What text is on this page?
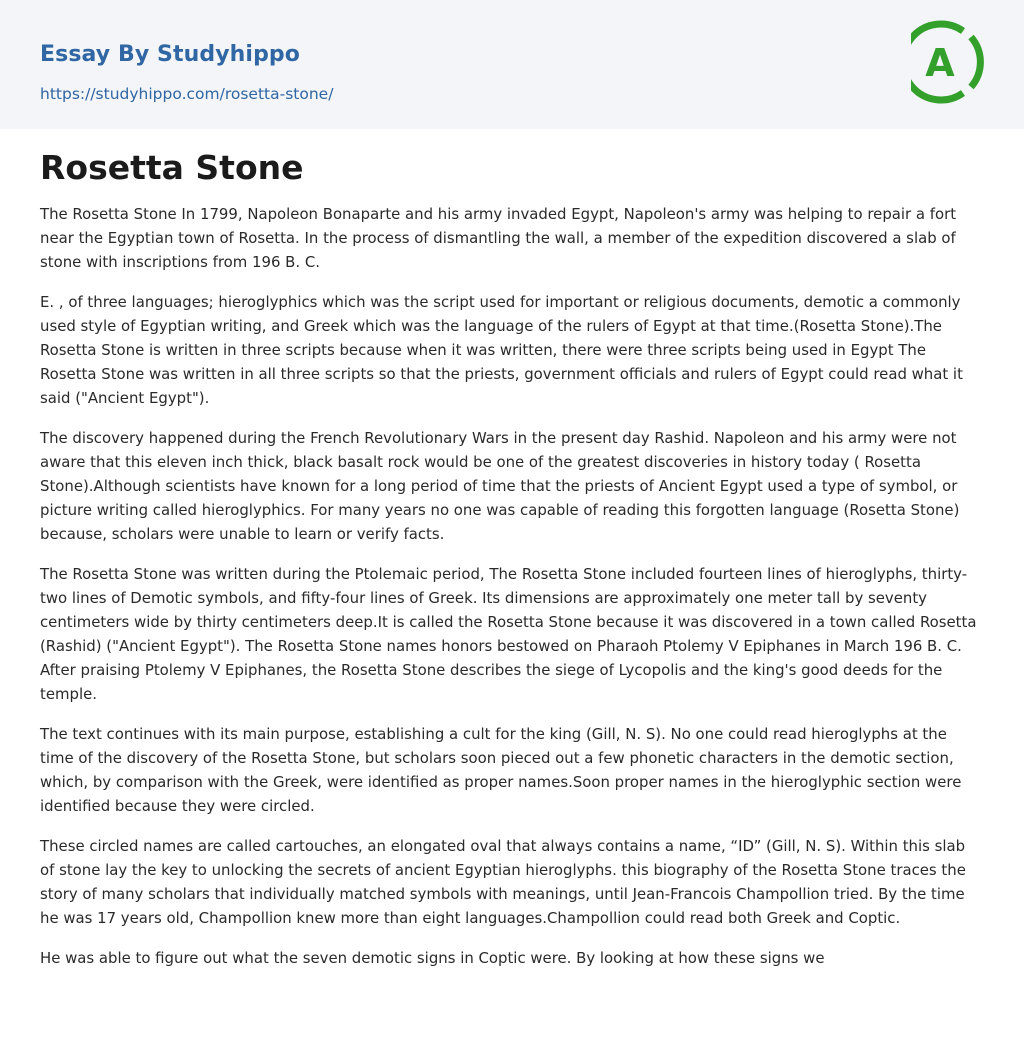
Essay By Studyhippo
https://studyhippo.com/rosetta-stone/
A
Rosetta Stone

The Rosetta Stone In 1799, Napoleon Bonaparte and his army invaded Egypt, Napoleon's army was helping to repair a fort near the Egyptian town of Rosetta. In the process of dismantling the wall, a member of the expedition discovered a slab of stone with inscriptions from 196 B. C.

E. , of three languages; hieroglyphics which was the script used for important or religious documents, demotic a commonly used style of Egyptian writing, and Greek which was the language of the rulers of Egypt at that time.(Rosetta Stone).The Rosetta Stone is written in three scripts because when it was written, there were three scripts being used in Egypt The Rosetta Stone was written in all three scripts so that the priests, government officials and rulers of Egypt could read what it said ("Ancient Egypt").

The discovery happened during the French Revolutionary Wars in the present day Rashid. Napoleon and his army were not aware that this eleven inch thick, black basalt rock would be one of the greatest discoveries in history today ( Rosetta Stone).Although scientists have known for a long period of time that the priests of Ancient Egypt used a type of symbol, or picture writing called hieroglyphics. For many years no one was capable of reading this forgotten language (Rosetta Stone) because, scholars were unable to learn or verify facts.

The Rosetta Stone was written during the Ptolemaic period, The Rosetta Stone included fourteen lines of hieroglyphs, thirty-two lines of Demotic symbols, and fifty-four lines of Greek. Its dimensions are approximately one meter tall by seventy centimeters wide by thirty centimeters deep.It is called the Rosetta Stone because it was discovered in a town called Rosetta (Rashid) ("Ancient Egypt"). The Rosetta Stone names honors bestowed on Pharaoh Ptolemy V Epiphanes in March 196 B. C. After praising Ptolemy V Epiphanes, the Rosetta Stone describes the siege of Lycopolis and the king's good deeds for the temple.

The text continues with its main purpose, establishing a cult for the king (Gill, N. S). No one could read hieroglyphs at the time of the discovery of the Rosetta Stone, but scholars soon pieced out a few phonetic characters in the demotic section, which, by comparison with the Greek, were identified as proper names.Soon proper names in the hieroglyphic section were identified because they were circled.

These circled names are called cartouches, an elongated oval that always contains a name, “ID” (Gill, N. S). Within this slab of stone lay the key to unlocking the secrets of ancient Egyptian hieroglyphs. this biography of the Rosetta Stone traces the story of many scholars that individually matched symbols with meanings, until Jean-Francois Champollion tried. By the time he was 17 years old, Champollion knew more than eight languages.Champollion could read both Greek and Coptic.

He was able to figure out what the seven demotic signs in Coptic were. By looking at how these signs we
